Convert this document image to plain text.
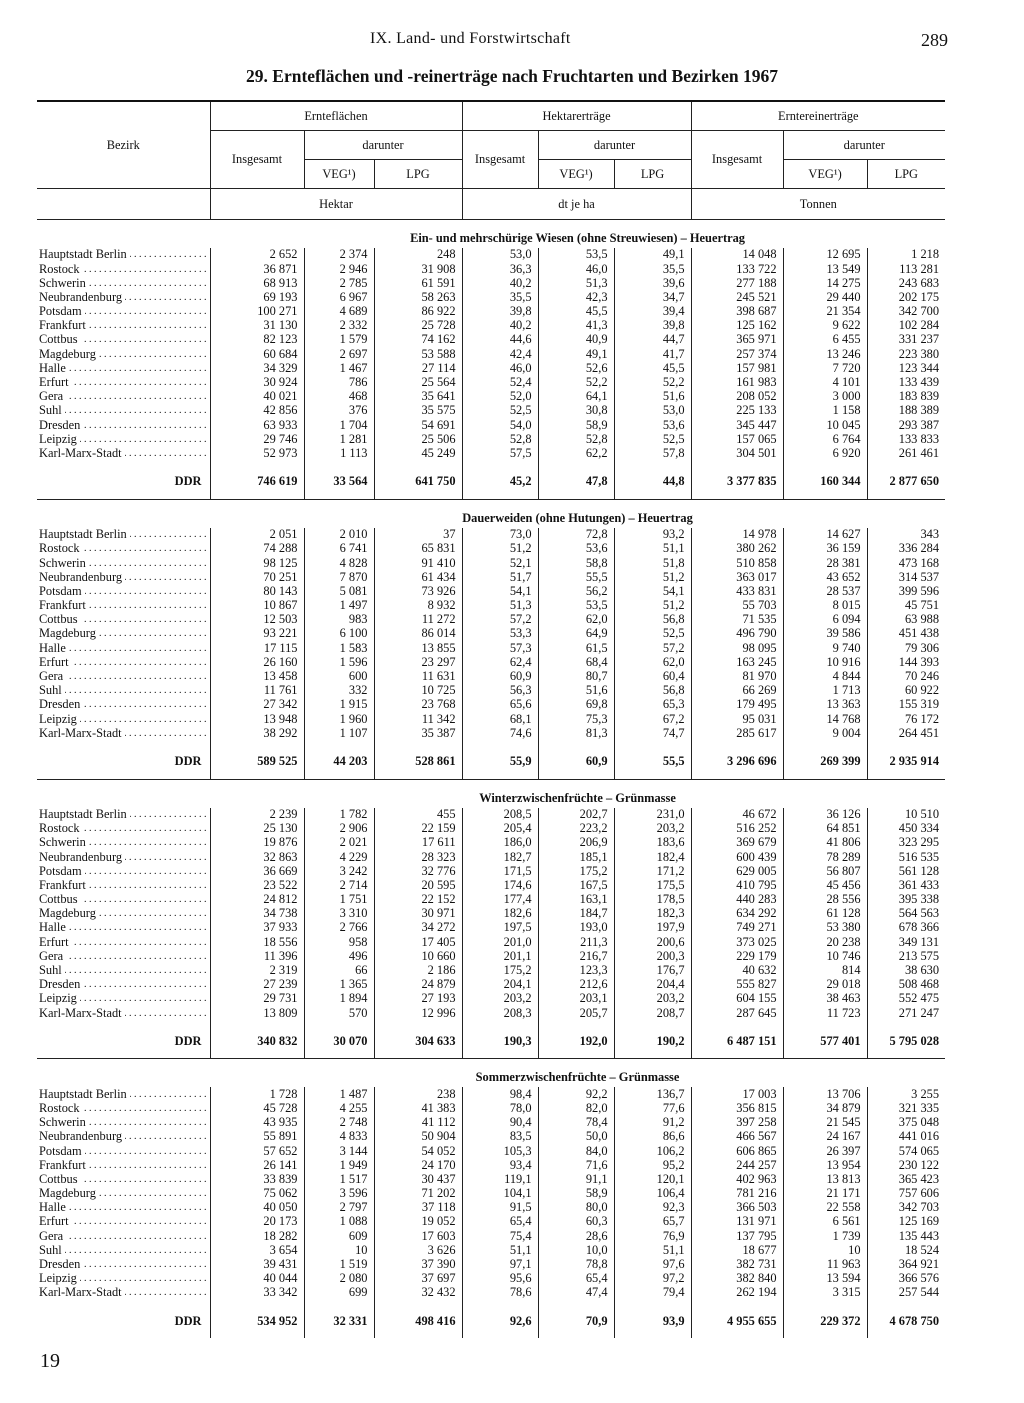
IX. Land- und Forstwirtschaft	289
29. Ernteflächen und -reinerträge nach Fruchtarten und Bezirken 1967
Bezirk	Ernteflächen			Hektarerträge			Erntereinerträge		
	Insgesamt	darunter		Insgesamt	darunter		Insgesamt	darunter	
		VEG¹)	LPG		VEG¹)	LPG		VEG¹)	LPG
	Hektar			dt je ha			Tonnen		
	Ein- und mehrschürige Wiesen (ohne Streuwiesen) – Heuertrag								

Hauptstadt Berlin . . .	2 652	2 374	248	53,0	53,5	49,1	14 048	12 695	1 218

Rostock . . .	36 871	2 946	31 908	36,3	46,0	35,5	133 722	13 549	113 281

Schwerin . . .	68 913	2 785	61 591	40,2	51,3	39,6	277 188	14 275	243 683

Neubrandenburg . . .	69 193	6 967	58 263	35,5	42,3	34,7	245 521	29 440	202 175

Potsdam . . .	100 271	4 689	86 922	39,8	45,5	39,4	398 687	21 354	342 700

Frankfurt . . .	31 130	2 332	25 728	40,2	41,3	39,8	125 162	9 622	102 284

Cottbus . . .	82 123	1 579	74 162	44,6	40,9	44,7	365 971	6 455	331 237

Magdeburg . . .	60 684	2 697	53 588	42,4	49,1	41,7	257 374	13 246	223 380

Halle . . .	34 329	1 467	27 114	46,0	52,6	45,5	157 981	7 720	123 344

Erfurt . . .	30 924	786	25 564	52,4	52,2	52,2	161 983	4 101	133 439

Gera . . .	40 021	468	35 641	52,0	64,1	51,6	208 052	3 000	183 839

Suhl . . .	42 856	376	35 575	52,5	30,8	53,0	225 133	1 158	188 389

Dresden . . .	63 933	1 704	54 691	54,0	58,9	53,6	345 447	10 045	293 387

Leipzig . . .	29 746	1 281	25 506	52,8	52,8	52,5	157 065	6 764	133 833

Karl-Marx-Stadt . . .	52 973	1 113	45 249	57,5	62,2	57,8	304 501	6 920	261 461

DDR	746 619	33 564	641 750	45,2	47,8	44,8	3 377 835	160 344	2 877 650

	Dauerweiden (ohne Hutungen) – Heuertrag								

Hauptstadt Berlin . . .	2 051	2 010	37	73,0	72,8	93,2	14 978	14 627	343

Rostock . . .	74 288	6 741	65 831	51,2	53,6	51,1	380 262	36 159	336 284

Schwerin . . .	98 125	4 828	91 410	52,1	58,8	51,8	510 858	28 381	473 168

Neubrandenburg . . .	70 251	7 870	61 434	51,7	55,5	51,2	363 017	43 652	314 537

Potsdam . . .	80 143	5 081	73 926	54,1	56,2	54,1	433 831	28 537	399 596

Frankfurt . . .	10 867	1 497	8 932	51,3	53,5	51,2	55 703	8 015	45 751

Cottbus . . .	12 503	983	11 272	57,2	62,0	56,8	71 535	6 094	63 988

Magdeburg . . .	93 221	6 100	86 014	53,3	64,9	52,5	496 790	39 586	451 438

Halle . . .	17 115	1 583	13 855	57,3	61,5	57,2	98 095	9 740	79 306

Erfurt . . .	26 160	1 596	23 297	62,4	68,4	62,0	163 245	10 916	144 393

Gera . . .	13 458	600	11 631	60,9	80,7	60,4	81 970	4 844	70 246

Suhl . . .	11 761	332	10 725	56,3	51,6	56,8	66 269	1 713	60 922

Dresden . . .	27 342	1 915	23 768	65,6	69,8	65,3	179 495	13 363	155 319

Leipzig . . .	13 948	1 960	11 342	68,1	75,3	67,2	95 031	14 768	76 172

Karl-Marx-Stadt . . .	38 292	1 107	35 387	74,6	81,3	74,7	285 617	9 004	264 451

DDR	589 525	44 203	528 861	55,9	60,9	55,5	3 296 696	269 399	2 935 914

	Winterzwischenfrüchte – Grünmasse								

Hauptstadt Berlin . . .	2 239	1 782	455	208,5	202,7	231,0	46 672	36 126	10 510

Rostock . . .	25 130	2 906	22 159	205,4	223,2	203,2	516 252	64 851	450 334

Schwerin . . .	19 876	2 021	17 611	186,0	206,9	183,6	369 679	41 806	323 295

Neubrandenburg . . .	32 863	4 229	28 323	182,7	185,1	182,4	600 439	78 289	516 535

Potsdam . . .	36 669	3 242	32 776	171,5	175,2	171,2	629 005	56 807	561 128

Frankfurt . . .	23 522	2 714	20 595	174,6	167,5	175,5	410 795	45 456	361 433

Cottbus . . .	24 812	1 751	22 152	177,4	163,1	178,5	440 283	28 556	395 338

Magdeburg . . .	34 738	3 310	30 971	182,6	184,7	182,3	634 292	61 128	564 563

Halle . . .	37 933	2 766	34 272	197,5	193,0	197,9	749 271	53 380	678 366

Erfurt . . .	18 556	958	17 405	201,0	211,3	200,6	373 025	20 238	349 131

Gera . . .	11 396	496	10 660	201,1	216,7	200,3	229 179	10 746	213 575

Suhl . . .	2 319	66	2 186	175,2	123,3	176,7	40 632	814	38 630

Dresden . . .	27 239	1 365	24 879	204,1	212,6	204,4	555 827	29 018	508 468

Leipzig . . .	29 731	1 894	27 193	203,2	203,1	203,2	604 155	38 463	552 475

Karl-Marx-Stadt . . .	13 809	570	12 996	208,3	205,7	208,7	287 645	11 723	271 247

DDR	340 832	30 070	304 633	190,3	192,0	190,2	6 487 151	577 401	5 795 028

	Sommerzwischenfrüchte – Grünmasse								

Hauptstadt Berlin . . .	1 728	1 487	238	98,4	92,2	136,7	17 003	13 706	3 255

Rostock . . .	45 728	4 255	41 383	78,0	82,0	77,6	356 815	34 879	321 335

Schwerin . . .	43 935	2 748	41 112	90,4	78,4	91,2	397 258	21 545	375 048

Neubrandenburg . . .	55 891	4 833	50 904	83,5	50,0	86,6	466 567	24 167	441 016

Potsdam . . .	57 652	3 144	54 052	105,3	84,0	106,2	606 865	26 397	574 065

Frankfurt . . .	26 141	1 949	24 170	93,4	71,6	95,2	244 257	13 954	230 122

Cottbus . . .	33 839	1 517	30 437	119,1	91,1	120,1	402 963	13 813	365 423

Magdeburg . . .	75 062	3 596	71 202	104,1	58,9	106,4	781 216	21 171	757 606

Halle . . .	40 050	2 797	37 118	91,5	80,0	92,3	366 503	22 558	342 703

Erfurt . . .	20 173	1 088	19 052	65,4	60,3	65,7	131 971	6 561	125 169

Gera . . .	18 282	609	17 603	75,4	28,6	76,9	137 795	1 739	135 443

Suhl . . .	3 654	10	3 626	51,1	10,0	51,1	18 677	10	18 524

Dresden . . .	39 431	1 519	37 390	97,1	78,8	97,6	382 731	11 963	364 921

Leipzig . . .	40 044	2 080	37 697	95,6	65,4	97,2	382 840	13 594	366 576

Karl-Marx-Stadt . . .	33 342	699	32 432	78,6	47,4	79,4	262 194	3 315	257 544

DDR	534 952	32 331	498 416	92,6	70,9	93,9	4 955 655	229 372	4 678 750

19
